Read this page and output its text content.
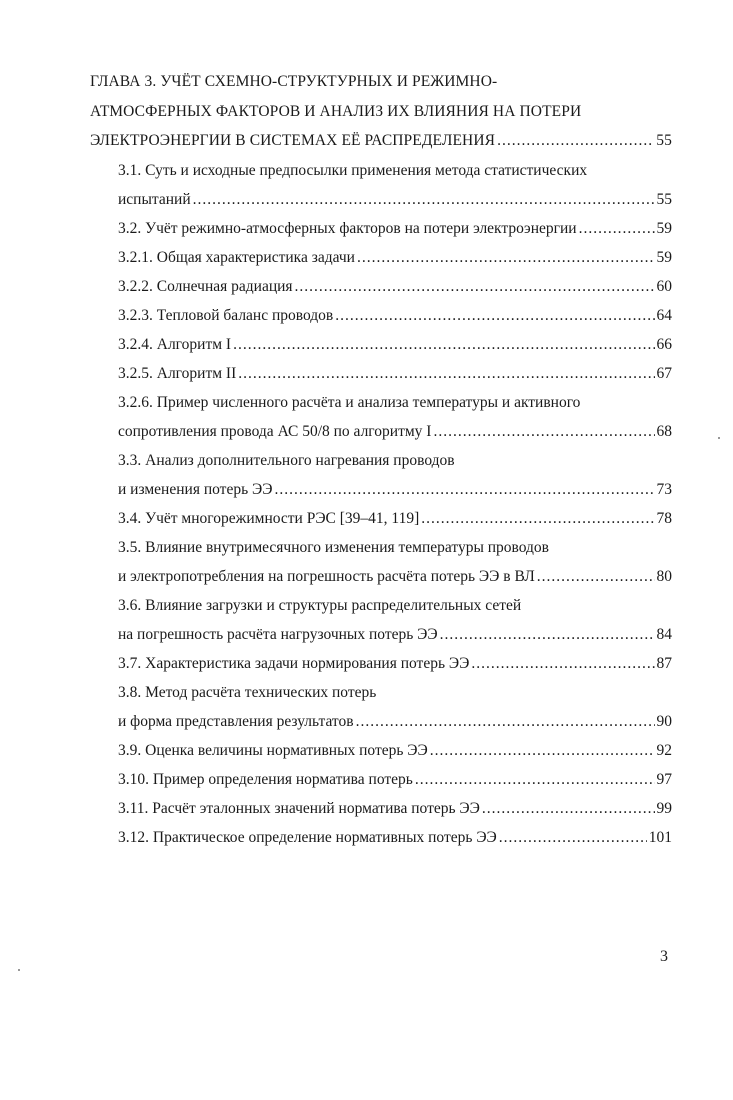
ГЛАВА 3. УЧЁТ СХЕМНО-СТРУКТУРНЫХ И РЕЖИМНО-
АТМОСФЕРНЫХ ФАКТОРОВ И АНАЛИЗ ИХ ВЛИЯНИЯ НА ПОТЕРИ
ЭЛЕКТРОЭНЕРГИИ В СИСТЕМАХ ЕЁ РАСПРЕДЕЛЕНИЯ .....	55
3.1. Суть и исходные предпосылки применения метода статистических
испытаний .....	55
3.2. Учёт режимно-атмосферных факторов на потери электроэнергии .....	59
3.2.1. Общая характеристика задачи .....	59
3.2.2. Солнечная радиация .....	60
3.2.3. Тепловой баланс проводов .....	64
3.2.4. Алгоритм I .....	66
3.2.5. Алгоритм II .....	67
3.2.6. Пример численного расчёта и анализа температуры и активного
сопротивления провода АС 50/8 по алгоритму I .....	68
3.3. Анализ дополнительного нагревания проводов
и изменения потерь ЭЭ .....	73
3.4. Учёт многорежимности РЭС [39–41, 119] .....	78
3.5. Влияние внутримесячного изменения температуры проводов
и электропотребления на погрешность расчёта потерь ЭЭ в ВЛ .....	80
3.6. Влияние загрузки и структуры распределительных сетей
на погрешность расчёта нагрузочных потерь ЭЭ .....	84
3.7. Характеристика задачи нормирования потерь ЭЭ .....	87
3.8. Метод расчёта технических потерь
и форма представления результатов .....	90
3.9. Оценка величины нормативных потерь ЭЭ .....	92
3.10. Пример определения норматива потерь .....	97
3.11. Расчёт эталонных значений норматива потерь ЭЭ .....	99
3.12. Практическое определение нормативных потерь ЭЭ .....	101
3
